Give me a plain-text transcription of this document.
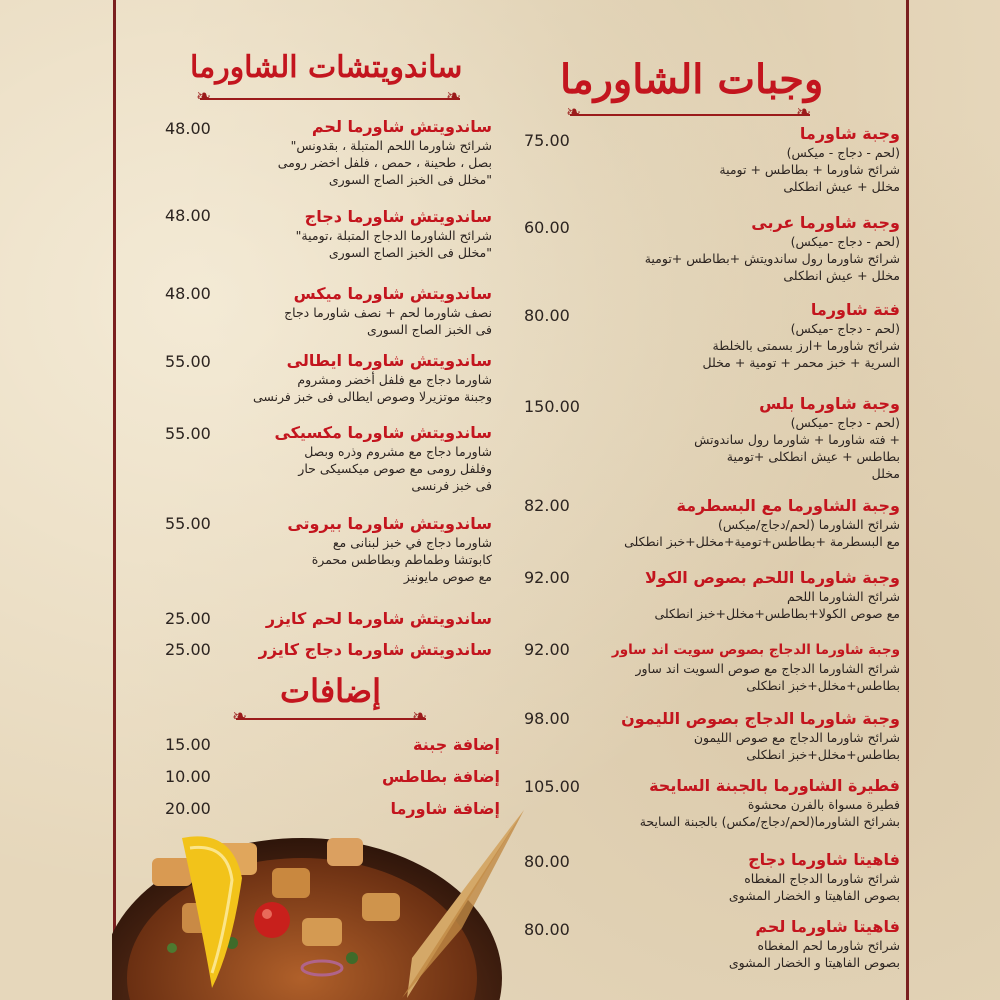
وجبات الشاورما
❧	❧
وجبة شاورما
(لحم - دجاج - ميكس)
شرائح شاورما + بطاطس + تومية
مخلل + عيش انطكلى
75.00
وجبة شاورما عربى
(لحم - دجاج -ميكس)
شرائح شاورما رول ساندويتش +بطاطس +تومية
مخلل + عيش انطكلى
60.00
فتة شاورما
(لحم - دجاج -ميكس)
شرائح شاورما +ارز بسمتى بالخلطة
السرية + خبز محمر + تومية + مخلل
80.00
وجبة شاورما بلس
(لحم - دجاج -ميكس)
فته شاورما + شاورما رول ساندوتش +
بطاطس + عيش انطكلى +تومية
مخلل
150.00
وجبة الشاورما مع البسطرمة
شرائح الشاورما (لحم/دجاج/ميكس)
مع البسطرمة +بطاطس+تومية+مخلل+خبز انطكلى
82.00
وجبة شاورما اللحم بصوص الكولا
شرائح الشاورما اللحم
مع صوص الكولا+بطاطس+مخلل+خبز انطكلى
92.00
وجبة شاورما الدجاج بصوص سويت اند ساور
شرائح الشاورما الدجاج مع صوص السويت اند ساور
بطاطس+مخلل+خبز انطكلى
92.00
وجبة شاورما الدجاج بصوص الليمون
شرائح شاورما الدجاج مع صوص الليمون
بطاطس+مخلل+خبز انطكلى
98.00
فطيرة الشاورما بالجبنة السايحة
فطيرة مسواة بالفرن محشوة
بشرائح الشاورما(لحم/دجاج/مكس) بالجبنة السايحة
105.00
فاهيتا شاورما دجاج
شرائح شاورما الدجاج المغطاه
بصوص الفاهيتا و الخضار المشوى
80.00
فاهيتا شاورما لحم
شرائح شاورما لحم المغطاه
بصوص الفاهيتا و الخضار المشوى
80.00
ساندويتشات الشاورما
❧	❧
ساندويتش شاورما لحم
"شرائح شاورما اللحم المتبلة ، بقدونس
بصل ، طحينة ، حمص ، فلفل اخضر رومى
مخلل فى الخبز الصاج السورى"
48.00
ساندويتش شاورما دجاج
"شرائح الشاورما الدجاج المتبلة ،تومية
مخلل فى الخبز الصاج السورى"
48.00
ساندويتش شاورما ميكس
نصف شاورما لحم + نصف شاورما دجاج
فى الخبز الصاج السورى
48.00
ساندويتش شاورما ايطالى
شاورما دجاج مع فلفل أخضر ومشروم
وجبنة موتزيرلا وصوص ايطالى فى خبز فرنسى
55.00
ساندويتش شاورما مكسيكى
شاورما دجاج مع مشروم وذره وبصل
وفلفل رومى مع صوص ميكسيكى حار
فى خبز فرنسى
55.00
ساندويتش شاورما بيروتى
شاورما دجاج في خبز لبنانى مع
كابوتشا وطماطم وبطاطس محمرة
مع صوص مايونيز
55.00
ساندويتش شاورما لحم كايزر
25.00
ساندويتش شاورما دجاج كايزر
25.00
إضافات
❧	❧
إضافة جبنة
15.00
إضافة بطاطس
10.00
إضافة شاورما
20.00
